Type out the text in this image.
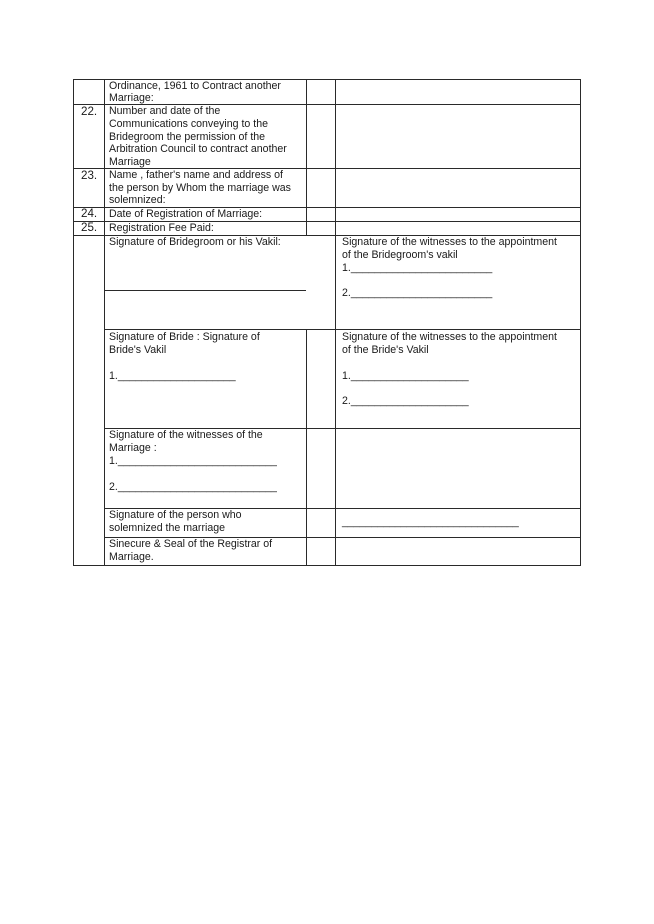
Ordinance, 1961 to Contract another
Marriage:
22. Number and date of the
Communications conveying to the
Bridegroom the permission of the
Arbitration Council to contract another
Marriage
23. Name , father's name and address of
the person by Whom the marriage was
solemnized:
24. Date of Registration of Marriage:
25. Registration Fee Paid:
Signature of Bridegroom or his Vakil:	Signature of the witnesses to the appointment
of the Bridegroom's vakil
1.________________________
2.________________________
Signature of Bride : Signature of
Bride's Vakil
1.____________________
Signature of the witnesses to the appointment
of the Bride's Vakil
1.____________________
2.____________________
Signature of the witnesses of the
Marriage :
1.___________________________
2.___________________________
Signature of the person who
solemnized the marriage	______________________________
Sinecure & Seal of the Registrar of
Marriage.
